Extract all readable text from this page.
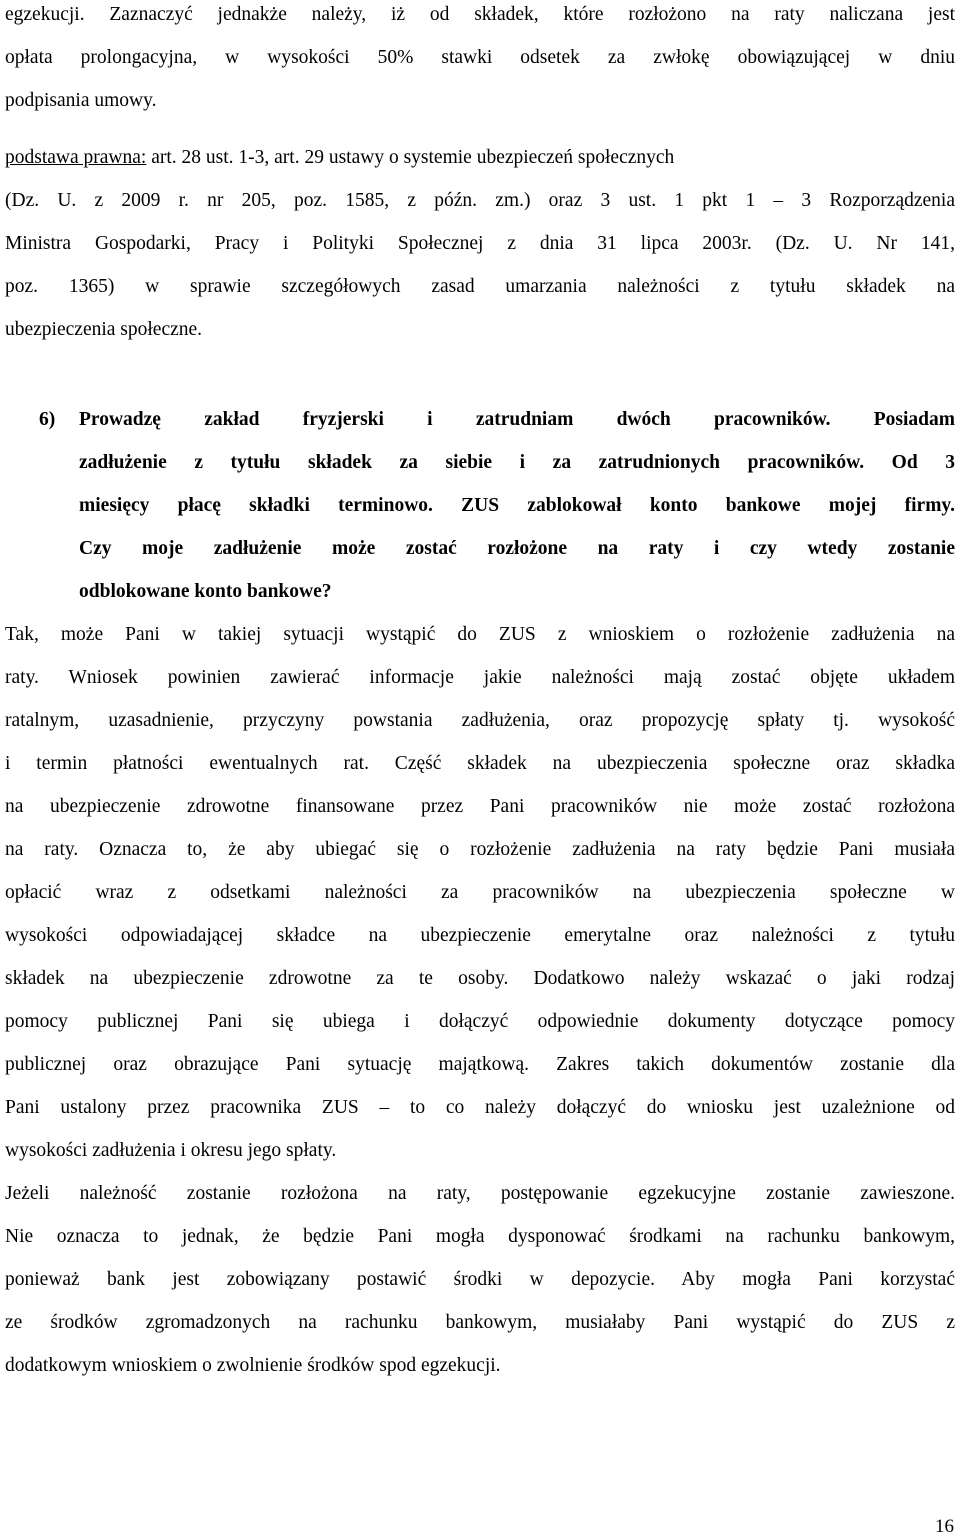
egzekucji. Zaznaczyć jednakże należy, iż od składek, które rozłożono na raty naliczana jest
opłata prolongacyjna, w wysokości 50% stawki odsetek za zwłokę obowiązującej w dniu
podpisania umowy.
podstawa prawna: art. 28 ust. 1-3, art. 29 ustawy o systemie ubezpieczeń społecznych
(Dz. U. z 2009 r. nr 205, poz. 1585, z późn. zm.) oraz 3 ust. 1 pkt 1 – 3 Rozporządzenia
Ministra Gospodarki, Pracy i Polityki Społecznej z dnia 31 lipca 2003r. (Dz. U. Nr 141,
poz. 1365) w sprawie szczegółowych zasad umarzania należności z tytułu składek na
ubezpieczenia społeczne.
6) Prowadzę zakład fryzjerski i zatrudniam dwóch pracowników. Posiadam
zadłużenie z tytułu składek za siebie i za zatrudnionych pracowników. Od 3
miesięcy płacę składki terminowo. ZUS zablokował konto bankowe mojej firmy.
Czy moje zadłużenie może zostać rozłożone na raty i czy wtedy zostanie
odblokowane konto bankowe?
Tak, może Pani w takiej sytuacji wystąpić do ZUS z wnioskiem o rozłożenie zadłużenia na
raty. Wniosek powinien zawierać informacje jakie należności mają zostać objęte układem
ratalnym, uzasadnienie, przyczyny powstania zadłużenia, oraz propozycję spłaty tj. wysokość
i termin płatności ewentualnych rat. Część składek na ubezpieczenia społeczne oraz składka
na ubezpieczenie zdrowotne finansowane przez Pani pracowników nie może zostać rozłożona
na raty. Oznacza to, że aby ubiegać się o rozłożenie zadłużenia na raty będzie Pani musiała
opłacić wraz z odsetkami należności za pracowników na ubezpieczenia społeczne w
wysokości odpowiadającej składce na ubezpieczenie emerytalne oraz należności z tytułu
składek na ubezpieczenie zdrowotne za te osoby. Dodatkowo należy wskazać o jaki rodzaj
pomocy publicznej Pani się ubiega i dołączyć odpowiednie dokumenty dotyczące pomocy
publicznej oraz obrazujące Pani sytuację majątkową. Zakres takich dokumentów zostanie dla
Pani ustalony przez pracownika ZUS – to co należy dołączyć do wniosku jest uzależnione od
wysokości zadłużenia i okresu jego spłaty.
Jeżeli należność zostanie rozłożona na raty, postępowanie egzekucyjne zostanie zawieszone.
Nie oznacza to jednak, że będzie Pani mogła dysponować środkami na rachunku bankowym,
ponieważ bank jest zobowiązany postawić środki w depozycie. Aby mogła Pani korzystać
ze środków zgromadzonych na rachunku bankowym, musiałaby Pani wystąpić do ZUS z
dodatkowym wnioskiem o zwolnienie środków spod egzekucji.
16
